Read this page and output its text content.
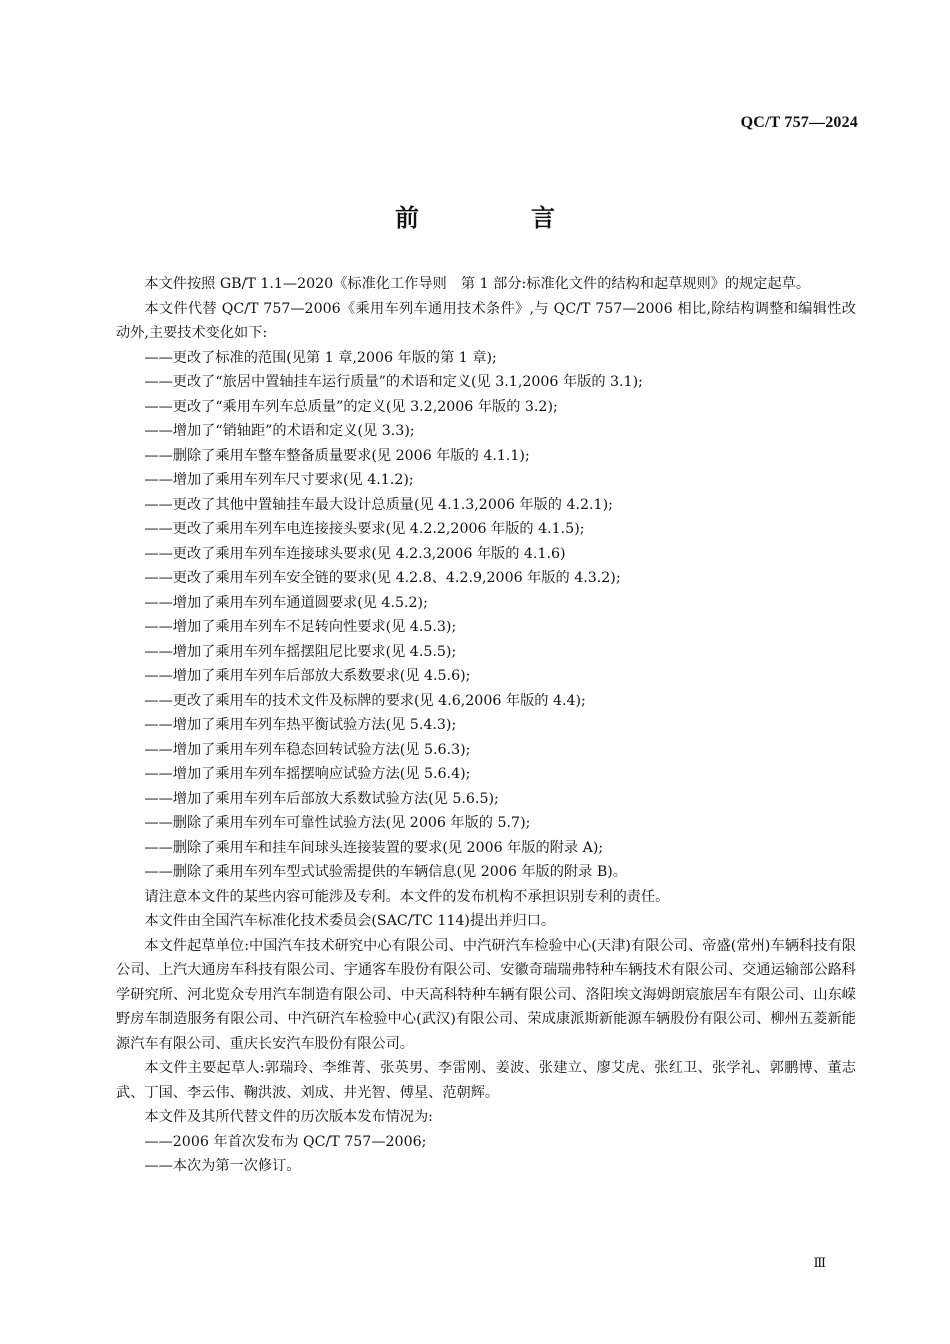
QC/T 757—2024
前　言

本文件按照 GB/T 1.1—2020《标准化工作导则　第 1 部分:标准化文件的结构和起草规则》的规定起草。

本文件代替 QC/T 757—2006《乘用车列车通用技术条件》,与 QC/T 757—2006 相比,除结构调整和编辑性改动外,主要技术变化如下:

——更改了标准的范围(见第 1 章,2006 年版的第 1 章);

——更改了“旅居中置轴挂车运行质量”的术语和定义(见 3.1,2006 年版的 3.1);

——更改了“乘用车列车总质量”的定义(见 3.2,2006 年版的 3.2);

——增加了“销轴距”的术语和定义(见 3.3);

——删除了乘用车整车整备质量要求(见 2006 年版的 4.1.1);

——增加了乘用车列车尺寸要求(见 4.1.2);

——更改了其他中置轴挂车最大设计总质量(见 4.1.3,2006 年版的 4.2.1);

——更改了乘用车列车电连接接头要求(见 4.2.2,2006 年版的 4.1.5);

——更改了乘用车列车连接球头要求(见 4.2.3,2006 年版的 4.1.6)

——更改了乘用车列车安全链的要求(见 4.2.8、4.2.9,2006 年版的 4.3.2);

——增加了乘用车列车通道圆要求(见 4.5.2);

——增加了乘用车列车不足转向性要求(见 4.5.3);

——增加了乘用车列车摇摆阻尼比要求(见 4.5.5);

——增加了乘用车列车后部放大系数要求(见 4.5.6);

——更改了乘用车的技术文件及标牌的要求(见 4.6,2006 年版的 4.4);

——增加了乘用车列车热平衡试验方法(见 5.4.3);

——增加了乘用车列车稳态回转试验方法(见 5.6.3);

——增加了乘用车列车摇摆响应试验方法(见 5.6.4);

——增加了乘用车列车后部放大系数试验方法(见 5.6.5);

——删除了乘用车列车可靠性试验方法(见 2006 年版的 5.7);

——删除了乘用车和挂车间球头连接装置的要求(见 2006 年版的附录 A);

——删除了乘用车列车型式试验需提供的车辆信息(见 2006 年版的附录 B)。

请注意本文件的某些内容可能涉及专利。本文件的发布机构不承担识别专利的责任。

本文件由全国汽车标准化技术委员会(SAC/TC 114)提出并归口。

本文件起草单位:中国汽车技术研究中心有限公司、中汽研汽车检验中心(天津)有限公司、帝盛(常州)车辆科技有限公司、上汽大通房车科技有限公司、宇通客车股份有限公司、安徽奇瑞瑞弗特种车辆技术有限公司、交通运输部公路科学研究所、河北览众专用汽车制造有限公司、中天高科特种车辆有限公司、洛阳埃文海姆朗宸旅居车有限公司、山东嵘野房车制造服务有限公司、中汽研汽车检验中心(武汉)有限公司、荣成康派斯新能源车辆股份有限公司、柳州五菱新能源汽车有限公司、重庆长安汽车股份有限公司。

本文件主要起草人:郭瑞玲、李维菁、张英男、李雷刚、姜波、张建立、廖艾虎、张红卫、张学礼、郭鹏博、董志武、丁国、李云伟、鞠洪波、刘成、井光智、傅星、范朝辉。

本文件及其所代替文件的历次版本发布情况为:

——2006 年首次发布为 QC/T 757—2006;

——本次为第一次修订。

Ⅲ
